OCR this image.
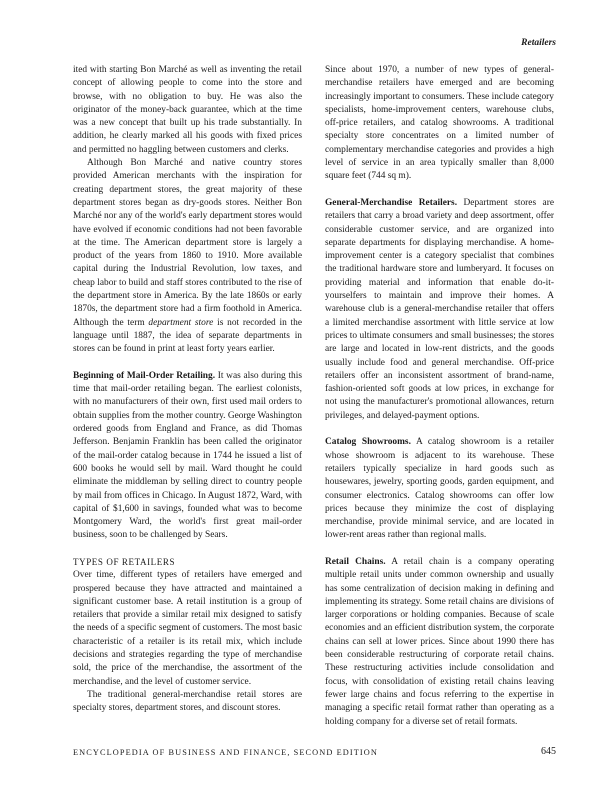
Retailers

ited with starting Bon Marché as well as inventing the retail concept of allowing people to come into the store and browse, with no obligation to buy. He was also the originator of the money-back guarantee, which at the time was a new concept that built up his trade substantially. In addition, he clearly marked all his goods with fixed prices and permitted no haggling between customers and clerks.

Although Bon Marché and native country stores provided American merchants with the inspiration for creating department stores, the great majority of these department stores began as dry-goods stores. Neither Bon Marché nor any of the world's early department stores would have evolved if economic conditions had not been favorable at the time. The American department store is largely a product of the years from 1860 to 1910. More available capital during the Industrial Revolution, low taxes, and cheap labor to build and staff stores contributed to the rise of the department store in America. By the late 1860s or early 1870s, the department store had a firm foothold in America. Although the term department store is not recorded in the language until 1887, the idea of separate departments in stores can be found in print at least forty years earlier.

Beginning of Mail-Order Retailing. It was also during this time that mail-order retailing began. The earliest colonists, with no manufacturers of their own, first used mail orders to obtain supplies from the mother country. George Washington ordered goods from England and France, as did Thomas Jefferson. Benjamin Franklin has been called the originator of the mail-order catalog because in 1744 he issued a list of 600 books he would sell by mail. Ward thought he could eliminate the middleman by selling direct to country people by mail from offices in Chicago. In August 1872, Ward, with capital of $1,600 in savings, founded what was to become Montgomery Ward, the world's first great mail-order business, soon to be challenged by Sears.

TYPES OF RETAILERS

Over time, different types of retailers have emerged and prospered because they have attracted and maintained a significant customer base. A retail institution is a group of retailers that provide a similar retail mix designed to satisfy the needs of a specific segment of customers. The most basic characteristic of a retailer is its retail mix, which include decisions and strategies regarding the type of merchandise sold, the price of the merchandise, the assortment of the merchandise, and the level of customer service.

The traditional general-merchandise retail stores are specialty stores, department stores, and discount stores.

Since about 1970, a number of new types of general-merchandise retailers have emerged and are becoming increasingly important to consumers. These include category specialists, home-improvement centers, warehouse clubs, off-price retailers, and catalog showrooms. A traditional specialty store concentrates on a limited number of complementary merchandise categories and provides a high level of service in an area typically smaller than 8,000 square feet (744 sq m).

General-Merchandise Retailers. Department stores are retailers that carry a broad variety and deep assortment, offer considerable customer service, and are organized into separate departments for displaying merchandise. A home-improvement center is a category specialist that combines the traditional hardware store and lumberyard. It focuses on providing material and information that enable do-it-yourselfers to maintain and improve their homes. A warehouse club is a general-merchandise retailer that offers a limited merchandise assortment with little service at low prices to ultimate consumers and small businesses; the stores are large and located in low-rent districts, and the goods usually include food and general merchandise. Off-price retailers offer an inconsistent assortment of brand-name, fashion-oriented soft goods at low prices, in exchange for not using the manufacturer's promotional allowances, return privileges, and delayed-payment options.

Catalog Showrooms. A catalog showroom is a retailer whose showroom is adjacent to its warehouse. These retailers typically specialize in hard goods such as housewares, jewelry, sporting goods, garden equipment, and consumer electronics. Catalog showrooms can offer low prices because they minimize the cost of displaying merchandise, provide minimal service, and are located in lower-rent areas rather than regional malls.

Retail Chains. A retail chain is a company operating multiple retail units under common ownership and usually has some centralization of decision making in defining and implementing its strategy. Some retail chains are divisions of larger corporations or holding companies. Because of scale economies and an efficient distribution system, the corporate chains can sell at lower prices. Since about 1990 there has been considerable restructuring of corporate retail chains. These restructuring activities include consolidation and focus, with consolidation of existing retail chains leaving fewer large chains and focus referring to the expertise in managing a specific retail format rather than operating as a holding company for a diverse set of retail formats.

ENCYCLOPEDIA OF BUSINESS AND FINANCE, SECOND EDITION	645
